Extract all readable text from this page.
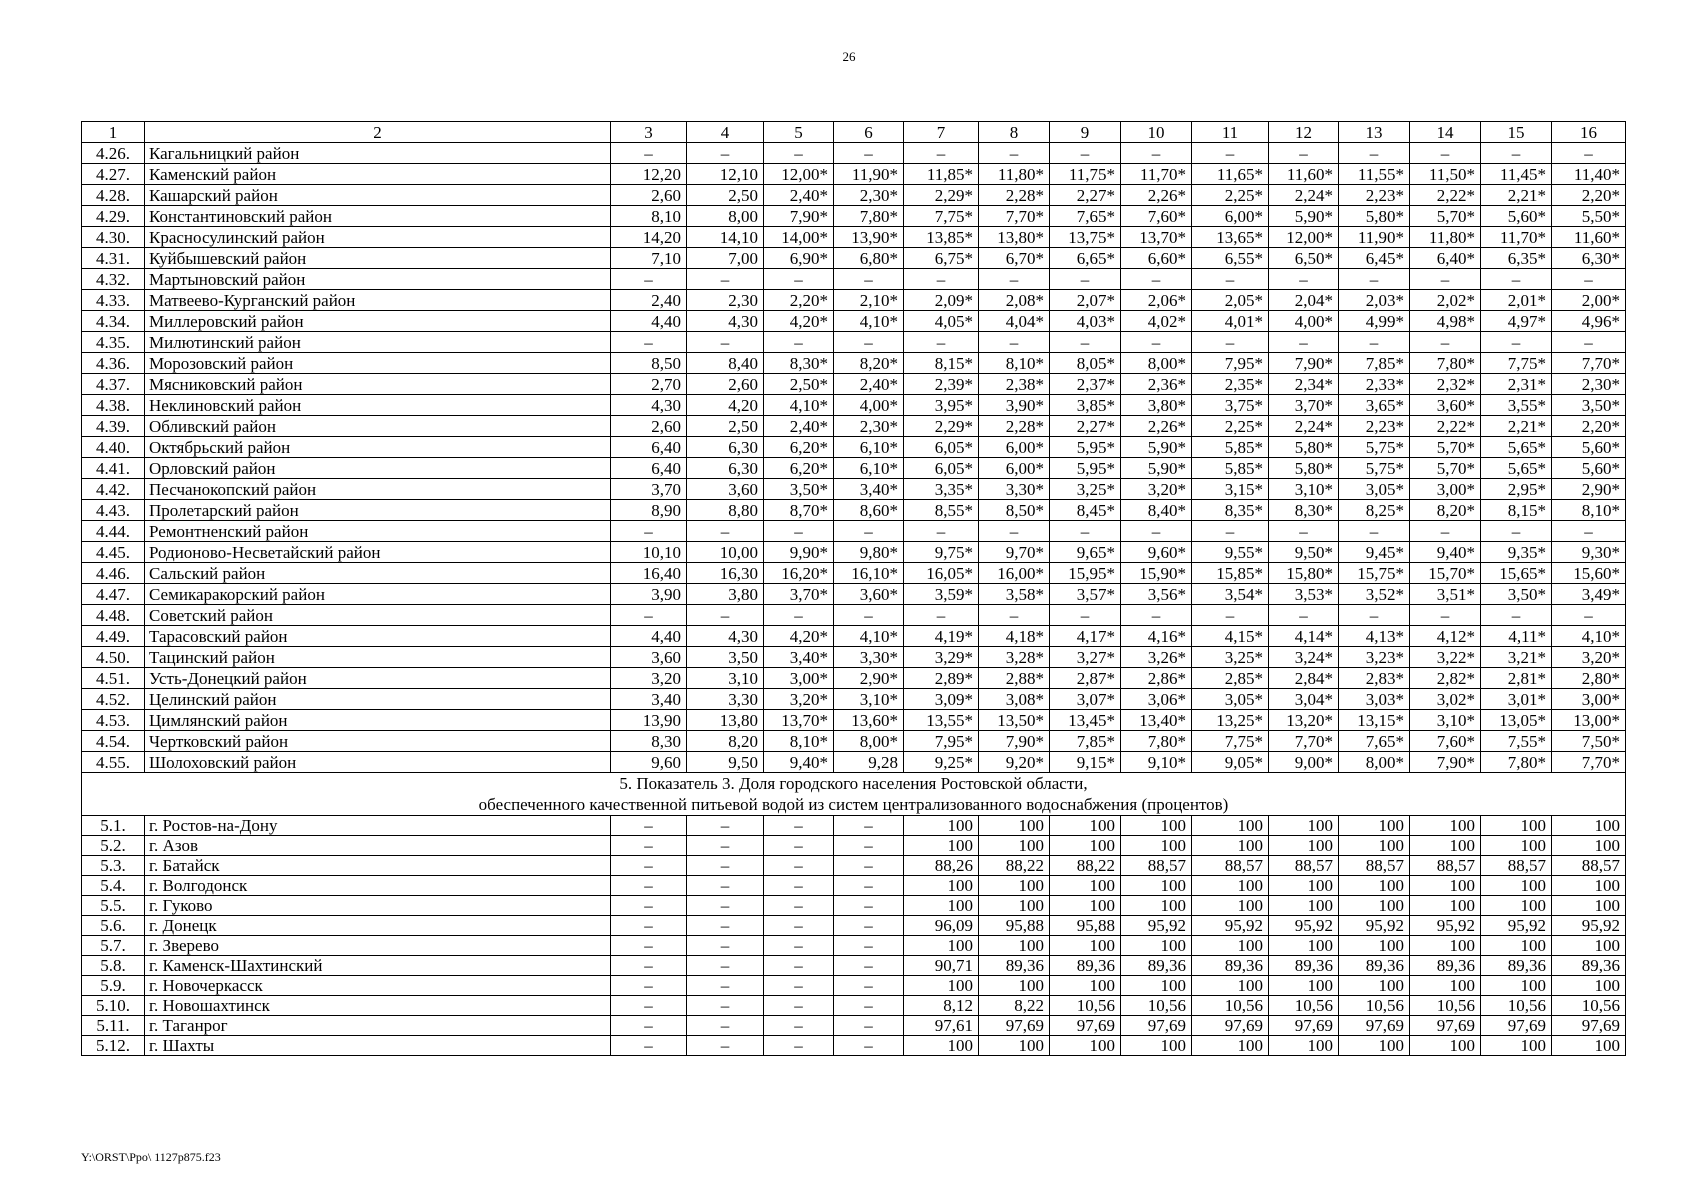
26
1	2	3	4	5	6	7	8	9	10	11	12	13	14	15	16
4.26.	Кагальницкий район	–	–	–	–	–	–	–	–	–	–	–	–	–	–
4.27.	Каменский район	12,20	12,10	12,00*	11,90*	11,85*	11,80*	11,75*	11,70*	11,65*	11,60*	11,55*	11,50*	11,45*	11,40*
4.28.	Кашарский район	2,60	2,50	2,40*	2,30*	2,29*	2,28*	2,27*	2,26*	2,25*	2,24*	2,23*	2,22*	2,21*	2,20*
4.29.	Константиновский район	8,10	8,00	7,90*	7,80*	7,75*	7,70*	7,65*	7,60*	6,00*	5,90*	5,80*	5,70*	5,60*	5,50*
4.30.	Красносулинский район	14,20	14,10	14,00*	13,90*	13,85*	13,80*	13,75*	13,70*	13,65*	12,00*	11,90*	11,80*	11,70*	11,60*
4.31.	Куйбышевский район	7,10	7,00	6,90*	6,80*	6,75*	6,70*	6,65*	6,60*	6,55*	6,50*	6,45*	6,40*	6,35*	6,30*
4.32.	Мартыновский район	–	–	–	–	–	–	–	–	–	–	–	–	–	–
4.33.	Матвеево-Курганский район	2,40	2,30	2,20*	2,10*	2,09*	2,08*	2,07*	2,06*	2,05*	2,04*	2,03*	2,02*	2,01*	2,00*
4.34.	Миллеровский район	4,40	4,30	4,20*	4,10*	4,05*	4,04*	4,03*	4,02*	4,01*	4,00*	4,99*	4,98*	4,97*	4,96*
4.35.	Милютинский район	–	–	–	–	–	–	–	–	–	–	–	–	–	–
4.36.	Морозовский район	8,50	8,40	8,30*	8,20*	8,15*	8,10*	8,05*	8,00*	7,95*	7,90*	7,85*	7,80*	7,75*	7,70*
4.37.	Мясниковский район	2,70	2,60	2,50*	2,40*	2,39*	2,38*	2,37*	2,36*	2,35*	2,34*	2,33*	2,32*	2,31*	2,30*
4.38.	Неклиновский район	4,30	4,20	4,10*	4,00*	3,95*	3,90*	3,85*	3,80*	3,75*	3,70*	3,65*	3,60*	3,55*	3,50*
4.39.	Обливский район	2,60	2,50	2,40*	2,30*	2,29*	2,28*	2,27*	2,26*	2,25*	2,24*	2,23*	2,22*	2,21*	2,20*
4.40.	Октябрьский район	6,40	6,30	6,20*	6,10*	6,05*	6,00*	5,95*	5,90*	5,85*	5,80*	5,75*	5,70*	5,65*	5,60*
4.41.	Орловский район	6,40	6,30	6,20*	6,10*	6,05*	6,00*	5,95*	5,90*	5,85*	5,80*	5,75*	5,70*	5,65*	5,60*
4.42.	Песчанокопский район	3,70	3,60	3,50*	3,40*	3,35*	3,30*	3,25*	3,20*	3,15*	3,10*	3,05*	3,00*	2,95*	2,90*
4.43.	Пролетарский район	8,90	8,80	8,70*	8,60*	8,55*	8,50*	8,45*	8,40*	8,35*	8,30*	8,25*	8,20*	8,15*	8,10*
4.44.	Ремонтненский район	–	–	–	–	–	–	–	–	–	–	–	–	–	–
4.45.	Родионово-Несветайский район	10,10	10,00	9,90*	9,80*	9,75*	9,70*	9,65*	9,60*	9,55*	9,50*	9,45*	9,40*	9,35*	9,30*
4.46.	Сальский район	16,40	16,30	16,20*	16,10*	16,05*	16,00*	15,95*	15,90*	15,85*	15,80*	15,75*	15,70*	15,65*	15,60*
4.47.	Семикаракорский район	3,90	3,80	3,70*	3,60*	3,59*	3,58*	3,57*	3,56*	3,54*	3,53*	3,52*	3,51*	3,50*	3,49*
4.48.	Советский район	–	–	–	–	–	–	–	–	–	–	–	–	–	–
4.49.	Тарасовский район	4,40	4,30	4,20*	4,10*	4,19*	4,18*	4,17*	4,16*	4,15*	4,14*	4,13*	4,12*	4,11*	4,10*
4.50.	Тацинский район	3,60	3,50	3,40*	3,30*	3,29*	3,28*	3,27*	3,26*	3,25*	3,24*	3,23*	3,22*	3,21*	3,20*
4.51.	Усть-Донецкий район	3,20	3,10	3,00*	2,90*	2,89*	2,88*	2,87*	2,86*	2,85*	2,84*	2,83*	2,82*	2,81*	2,80*
4.52.	Целинский район	3,40	3,30	3,20*	3,10*	3,09*	3,08*	3,07*	3,06*	3,05*	3,04*	3,03*	3,02*	3,01*	3,00*
4.53.	Цимлянский район	13,90	13,80	13,70*	13,60*	13,55*	13,50*	13,45*	13,40*	13,25*	13,20*	13,15*	3,10*	13,05*	13,00*
4.54.	Чертковский район	8,30	8,20	8,10*	8,00*	7,95*	7,90*	7,85*	7,80*	7,75*	7,70*	7,65*	7,60*	7,55*	7,50*
4.55.	Шолоховский район	9,60	9,50	9,40*	9,28	9,25*	9,20*	9,15*	9,10*	9,05*	9,00*	8,00*	7,90*	7,80*	7,70*

5. Показатель 3. Доля городского населения Ростовской области,
обеспеченного качественной питьевой водой из систем централизованного водоснабжения (процентов)															

5.1.	г. Ростов-на-Дону	–	–	–	–	100	100	100	100	100	100	100	100	100	100
5.2.	г. Азов	–	–	–	–	100	100	100	100	100	100	100	100	100	100
5.3.	г. Батайск	–	–	–	–	88,26	88,22	88,22	88,57	88,57	88,57	88,57	88,57	88,57	88,57
5.4.	г. Волгодонск	–	–	–	–	100	100	100	100	100	100	100	100	100	100
5.5.	г. Гуково	–	–	–	–	100	100	100	100	100	100	100	100	100	100
5.6.	г. Донецк	–	–	–	–	96,09	95,88	95,88	95,92	95,92	95,92	95,92	95,92	95,92	95,92
5.7.	г. Зверево	–	–	–	–	100	100	100	100	100	100	100	100	100	100
5.8.	г. Каменск-Шахтинский	–	–	–	–	90,71	89,36	89,36	89,36	89,36	89,36	89,36	89,36	89,36	89,36
5.9.	г. Новочеркасск	–	–	–	–	100	100	100	100	100	100	100	100	100	100
5.10.	г. Новошахтинск	–	–	–	–	8,12	8,22	10,56	10,56	10,56	10,56	10,56	10,56	10,56	10,56
5.11.	г. Таганрог	–	–	–	–	97,61	97,69	97,69	97,69	97,69	97,69	97,69	97,69	97,69	97,69
5.12.	г. Шахты	–	–	–	–	100	100	100	100	100	100	100	100	100	100
Y:\ORST\Ppo\ 1127p875.f23
